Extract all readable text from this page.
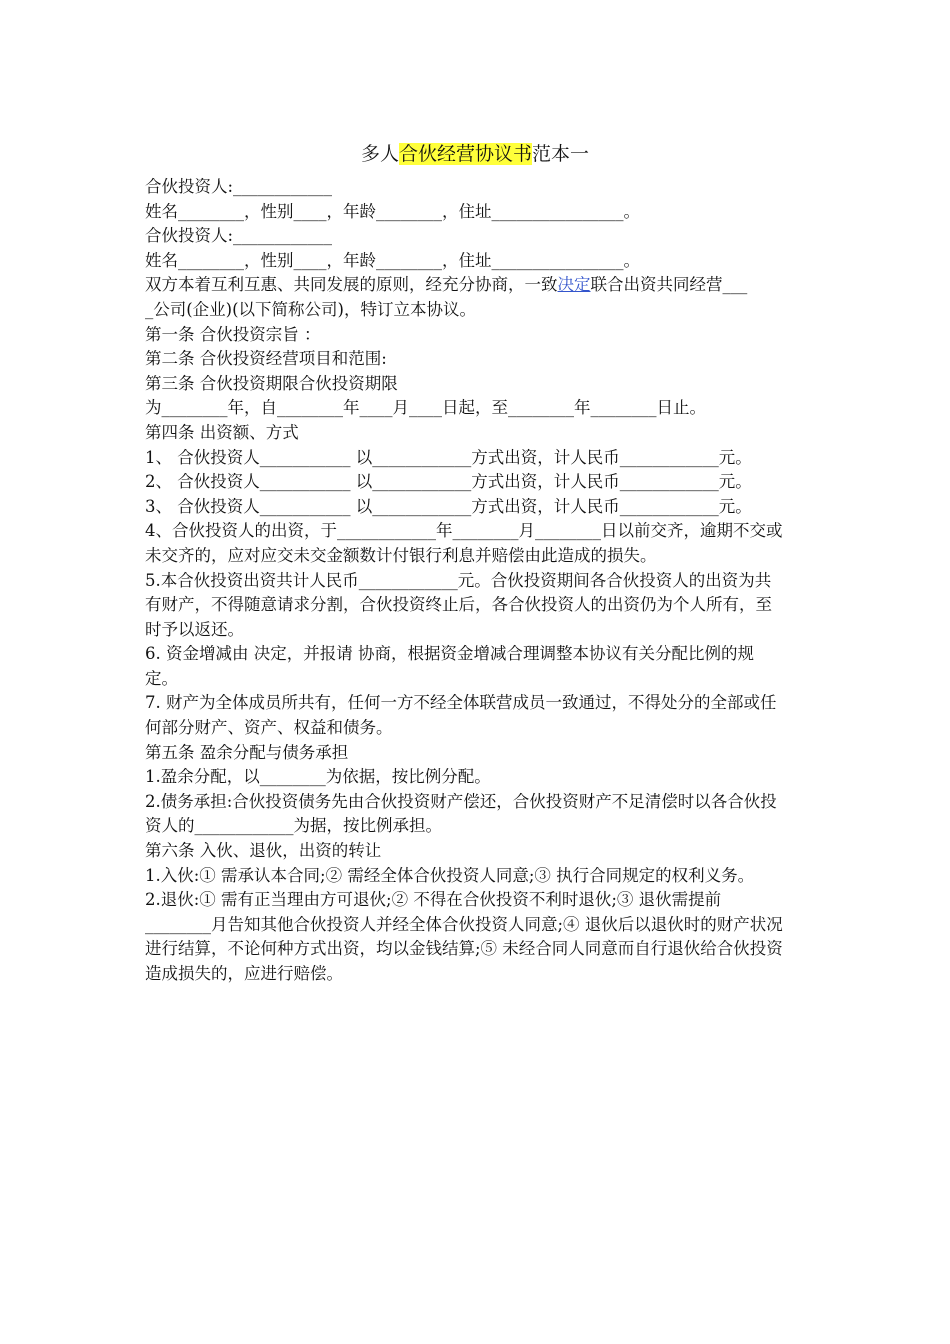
多人合伙经营协议书范本一

合伙投资人:____________

姓名________，性别____，年龄________，住址________________。

合伙投资人:____________

姓名________，性别____，年龄________，住址________________。

双方本着互利互惠、共同发展的原则，经充分协商，一致决定联合出资共同经营___

_公司(企业)(以下简称公司)，特订立本协议。

第一条 合伙投资宗旨 ：

第二条 合伙投资经营项目和范围:

第三条 合伙投资期限合伙投资期限

为________年，自________年____月____日起，至________年________日止。

第四条 出资额、方式

1、 合伙投资人___________ 以____________方式出资，计人民币____________元。

2、 合伙投资人___________ 以____________方式出资，计人民币____________元。

3、 合伙投资人___________ 以____________方式出资，计人民币____________元。

4、合伙投资人的出资，于____________年________月________日以前交齐，逾期不交或未交齐的，应对应交未交金额数计付银行利息并赔偿由此造成的损失。

5.本合伙投资出资共计人民币____________元。合伙投资期间各合伙投资人的出资为共有财产，不得随意请求分割，合伙投资终止后，各合伙投资人的出资仍为个人所有，至时予以返还。

6. 资金增减由 决定，并报请 协商，根据资金增减合理调整本协议有关分配比例的规定。

7. 财产为全体成员所共有，任何一方不经全体联营成员一致通过，不得处分的全部或任何部分财产、资产、权益和债务。

第五条 盈余分配与债务承担

1.盈余分配，以________为依据，按比例分配。

2.债务承担:合伙投资债务先由合伙投资财产偿还，合伙投资财产不足清偿时以各合伙投资人的____________为据，按比例承担。

第六条 入伙、退伙，出资的转让

1.入伙:① 需承认本合同;② 需经全体合伙投资人同意;③ 执行合同规定的权利义务。

2.退伙:① 需有正当理由方可退伙;② 不得在合伙投资不利时退伙;③ 退伙需提前________月告知其他合伙投资人并经全体合伙投资人同意;④ 退伙后以退伙时的财产状况进行结算，不论何种方式出资，均以金钱结算;⑤ 未经合同人同意而自行退伙给合伙投资造成损失的，应进行赔偿。
